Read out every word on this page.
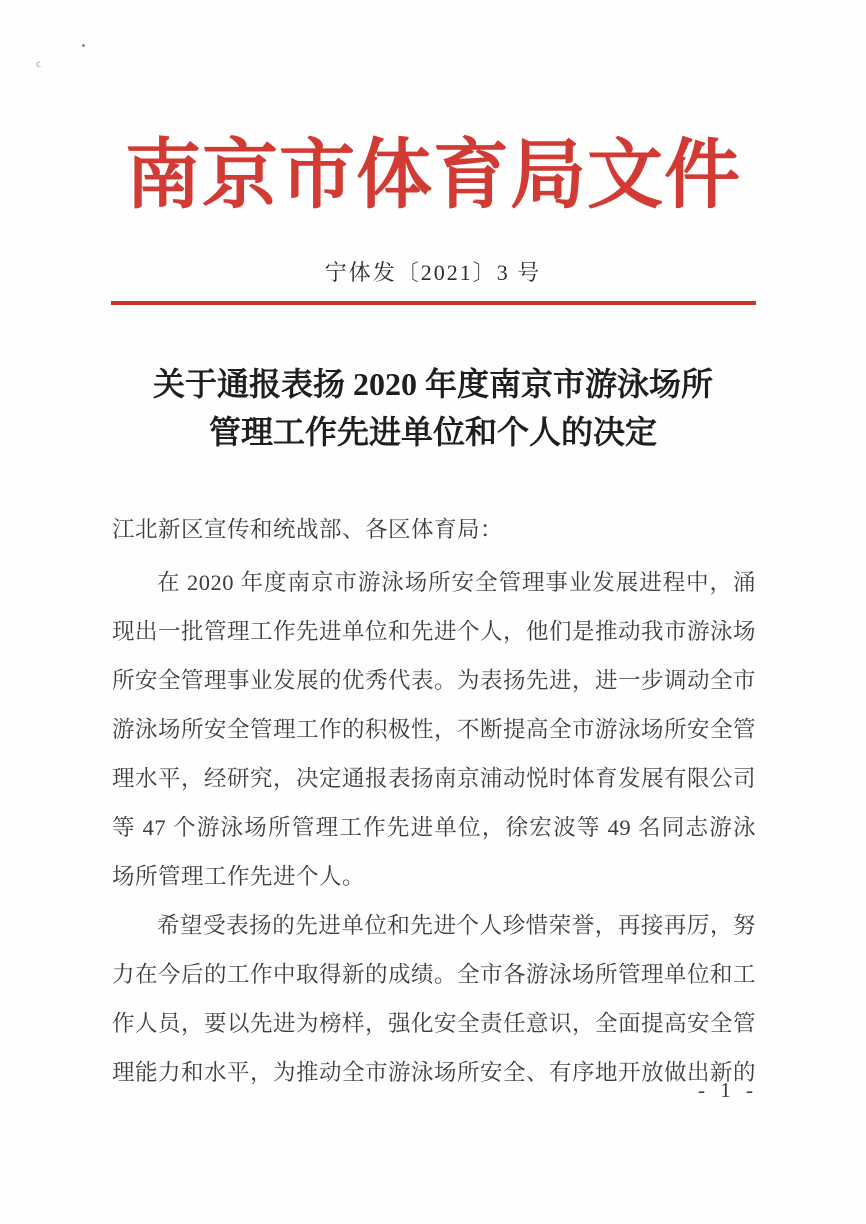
c
南京市体育局文件
宁体发〔2021〕3 号
关于通报表扬 2020 年度南京市游泳场所
管理工作先进单位和个人的决定

江北新区宣传和统战部、各区体育局：

在 2020 年度南京市游泳场所安全管理事业发展进程中，涌现出一批管理工作先进单位和先进个人，他们是推动我市游泳场所安全管理事业发展的优秀代表。为表扬先进，进一步调动全市游泳场所安全管理工作的积极性，不断提高全市游泳场所安全管理水平，经研究，决定通报表扬南京浦动悦时体育发展有限公司等 47 个游泳场所管理工作先进单位，徐宏波等 49 名同志游泳场所管理工作先进个人。

希望受表扬的先进单位和先进个人珍惜荣誉，再接再厉，努力在今后的工作中取得新的成绩。全市各游泳场所管理单位和工作人员，要以先进为榜样，强化安全责任意识，全面提高安全管理能力和水平，为推动全市游泳场所安全、有序地开放做出新的

- 1 -
